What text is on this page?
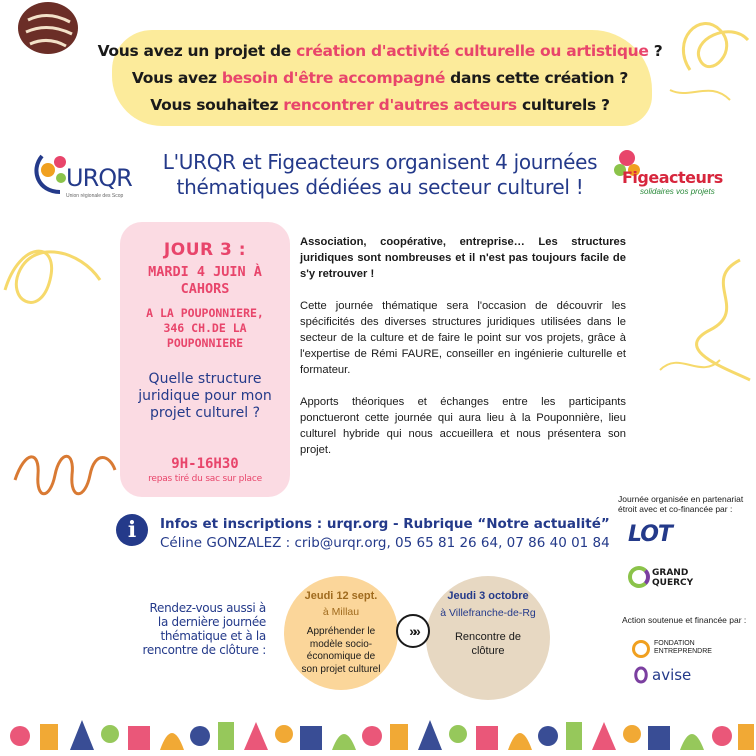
Vous avez un projet de création d'activité culturelle ou artistique ?
Vous avez besoin d'être accompagné dans cette création ?
Vous souhaitez rencontrer d'autres acteurs culturels ?
URQR
Union régionale des Scop
L'URQR et Figeacteurs organisent 4 journées
thématiques dédiées au secteur culturel !	Figeacteurs
solidaires vos projets
JOUR 3 :
MARDI 4 JUIN À
CAHORS
A LA POUPONNIERE,
346 CH.DE LA
POUPONNIERE
Quelle structure
juridique pour mon
projet culturel ?
9H-16H30
repas tiré du sac sur place

Association, coopérative, entreprise… Les structures juridiques sont nombreuses et il n'est pas toujours facile de s'y retrouver !

Cette journée thématique sera l'occasion de découvrir les spécificités des diverses structures juridiques utilisées dans le secteur de la culture et de faire le point sur vos projets, grâce à l'expertise de Rémi FAURE, conseiller en ingénierie culturelle et formateur.

Apports théoriques et échanges entre les participants ponctueront cette journée qui aura lieu à la Pouponnière, lieu culturel hybride qui nous accueillera et nous présentera son projet.

i	Infos et inscriptions : urqr.org - Rubrique “Notre actualité”
Céline GONZALEZ : crib@urqr.org, 05 65 81 26 64, 07 86 40 01 84
Journée organisée en partenariat étroit avec et co-financée par :
LOT
GRAND
QUERCY
Action soutenue et financée par :
FONDATION
ENTREPRENDRE
avise
Rendez-vous aussi à
la dernière journée
thématique et à la
rencontre de clôture :
Jeudi 12 sept.
à Millau
Appréhender le
modèle socio-
économique de
son projet culturel
Jeudi 3 octobre
à Villefranche-de-Rg
Rencontre de
clôture
»»
